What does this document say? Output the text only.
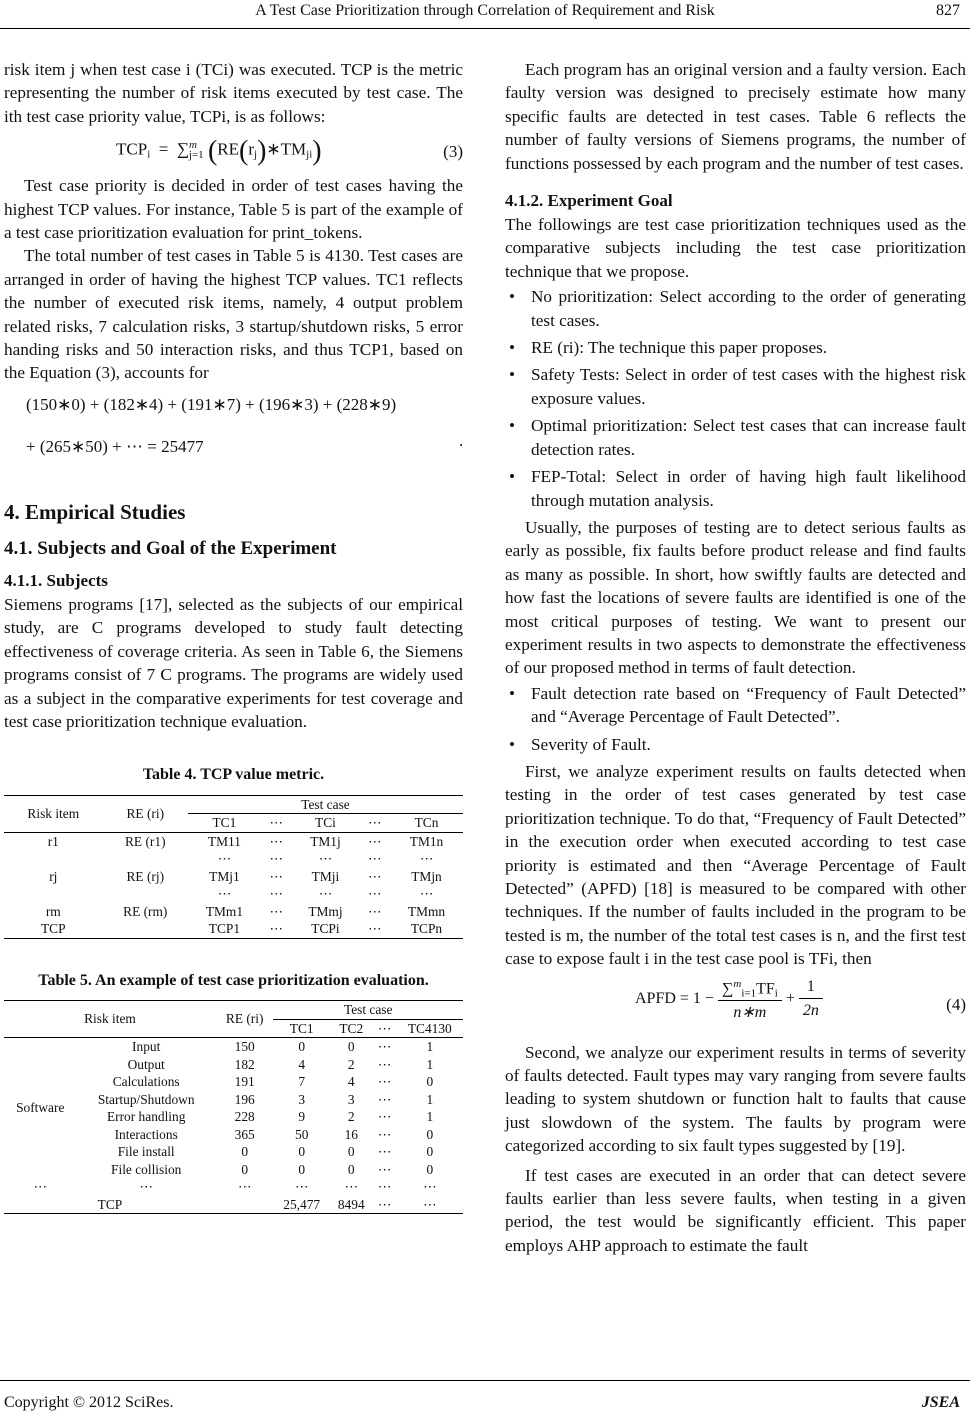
A Test Case Prioritization through Correlation of Requirement and Risk	827

risk item j when test case i (TCi) was executed. TCP is the metric representing the number of risk items executed by test case. The ith test case priority value, TCPi, is as follows:

$TCP_i = \sum^m_{j=1}$ $(RE(r_j)∗TM_{ji})$	(3)

Test case priority is decided in order of test cases having the highest TCP values. For instance, Table 5 is part of the example of a test case prioritization evaluation for print_tokens.

The total number of test cases in Table 5 is 4130. Test cases are arranged in order of having the highest TCP values. TC1 reflects the number of executed risk items, namely, 4 output problem related risks, 7 calculation risks, 3 startup/shutdown risks, 5 error handing risks and 50 interaction risks, and thus TCP1, based on the Equation (3), accounts for

(150∗0) + (182∗4) + (191∗7) + (196∗3) + (228∗9)
+ (265∗50) + ⋯ = 25477	.
4. Empirical Studies
4.1. Subjects and Goal of the Experiment
4.1.1. Subjects

Siemens programs [17], selected as the subjects of our empirical study, are C programs developed to study fault detecting effectiveness of coverage criteria. As seen in Table 6, the Siemens programs consist of 7 C programs. The programs are widely used as a subject in the comparative experiments for test coverage and test case prioritization technique evaluation.

Table 4. TCP value metric.
Risk item	RE (ri)	Test case				
		TC1	⋯	TCi	⋯	TCn
r1	RE (r1)	TM11	⋯	TM1j	⋯	TM1n
		⋯	⋯	⋯	⋯	⋯
rj	RE (rj)	TMj1	⋯	TMji	⋯	TMjn
		⋯	⋯	⋯	⋯	⋯
rm	RE (rm)	TMm1	⋯	TMmj	⋯	TMmn
TCP		TCP1	⋯	TCPi	⋯	TCPn
Table 5. An example of test case prioritization evaluation.
Risk item		RE (ri)	Test case			
			TC1	TC2	⋯	TC4130
Software	Input	150	0	0	⋯	1
	Output	182	4	2	⋯	1
	Calculations	191	7	4	⋯	0
	Startup/Shutdown	196	3	3	⋯	1
	Error handling	228	9	2	⋯	1
	Interactions	365	50	16	⋯	0
	File install	0	0	0	⋯	0
	File collision	0	0	0	⋯	0
⋯	⋯	⋯	⋯	⋯	⋯	⋯
TCP			25,477	8494	⋯	⋯

Each program has an original version and a faulty version. Each faulty version was designed to precisely estimate how many specific faults are detected in test cases. Table 6 reflects the number of faulty versions of Siemens programs, the number of functions possessed by each program and the number of test cases.

4.1.2. Experiment Goal

The followings are test case prioritization techniques used as the comparative subjects including the test case prioritization technique that we propose.

• No prioritization: Select according to the order of generating test cases.
• RE (ri): The technique this paper proposes.
• Safety Tests: Select in order of test cases with the highest risk exposure values.
• Optimal prioritization: Select test cases that can increase fault detection rates.
• FEP-Total: Select in order of having high fault likelihood through mutation analysis.

Usually, the purposes of testing are to detect serious faults as early as possible, fix faults before product release and find faults as many as possible. In short, how swiftly faults are detected and how fast the locations of severe faults are identified is one of the most critical purposes of testing. We want to present our experiment results in two aspects to demonstrate the effectiveness of our proposed method in terms of fault detection.

• Fault detection rate based on “Frequency of Fault Detected” and “Average Percentage of Fault Detected”.
• Severity of Fault.

First, we analyze experiment results on faults detected when testing in the order of test cases generated by test case prioritization technique. To do that, “Frequency of Fault Detected” in the execution order when executed according to test case priority is estimated and then “Average Percentage of Fault Detected” (APFD) [18] is measured to be compared with other techniques. If the number of faults included in the program to be tested is m, the number of the total test cases is n, and the first test case to expose fault i in the test case pool is TFi, then

APFD = $1 - \frac{\sum^m_{i=1}TF_i}{n∗m} + \frac{1}{2n}$	(4)

Second, we analyze our experiment results in terms of severity of faults detected. Fault types may vary ranging from severe faults leading to system shutdown or function halt to faults that cause just slowdown of the system. The faults by program were categorized according to six fault types suggested by [19].

If test cases are executed in an order that can detect severe faults earlier than less severe faults, when testing in a given period, the test would be significantly efficient. This paper employs AHP approach to estimate the fault

Copyright © 2012 SciRes.	JSEA
